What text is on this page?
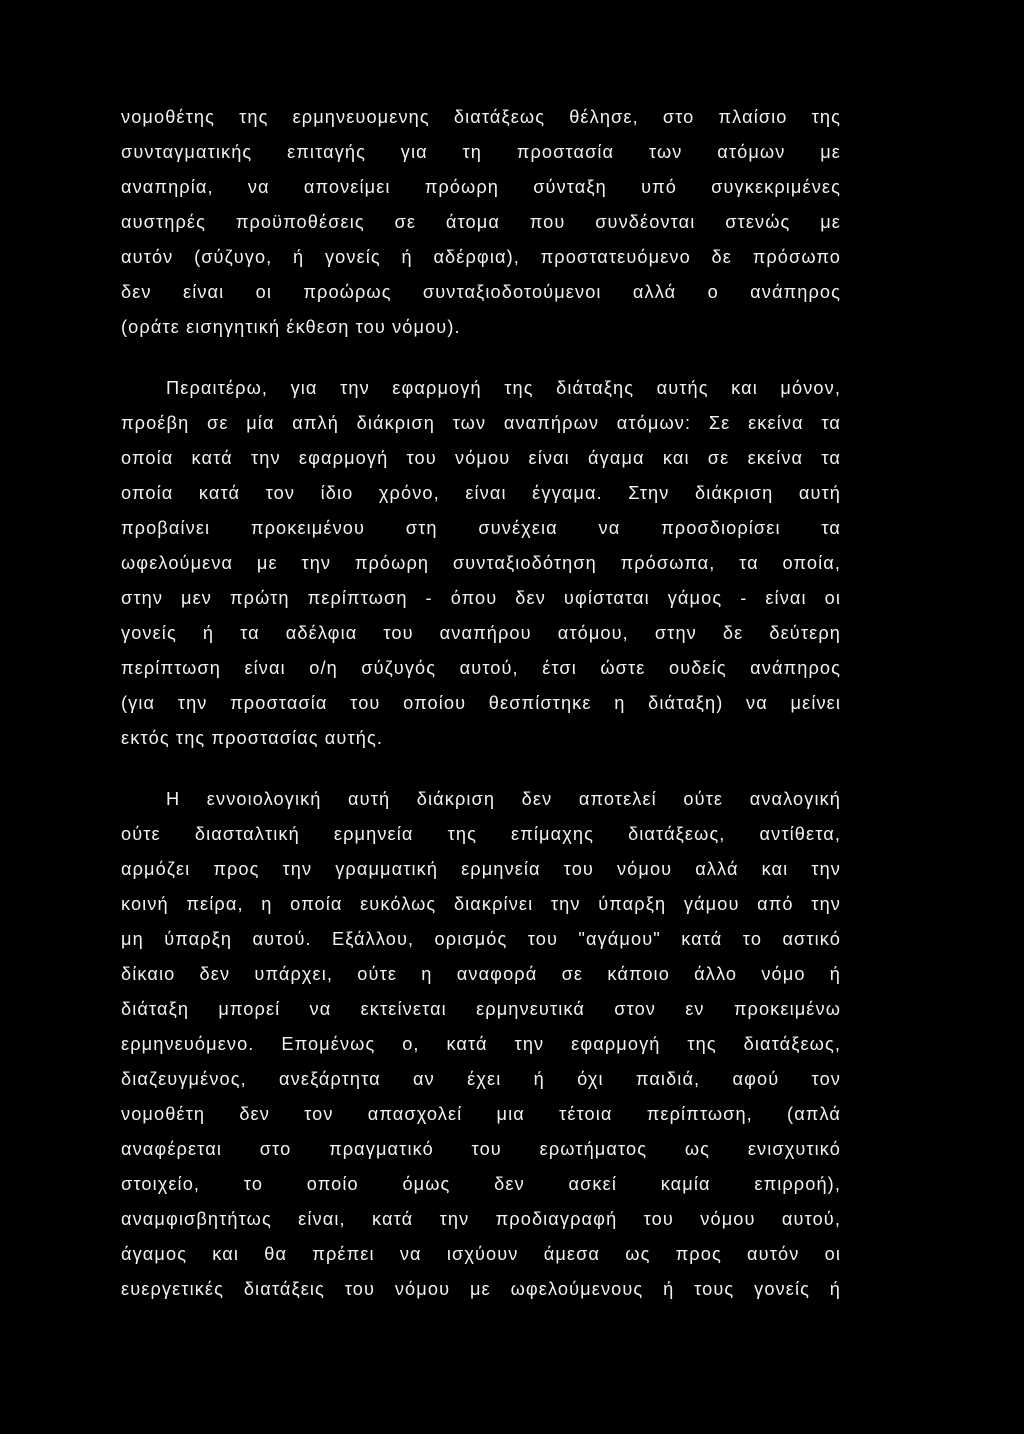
νομοθέτης της ερμηνευομενης διατάξεως θέλησε, στο πλαίσιο της
συνταγματικής επιταγής για τη προστασία των ατόμων με
αναπηρία, να απονείμει πρόωρη σύνταξη υπό συγκεκριμένες
αυστηρές προϋποθέσεις σε άτομα που συνδέονται στενώς με
αυτόν (σύζυγο, ή γονείς ή αδέρφια), προστατευόμενο δε πρόσωπο
δεν είναι οι προώρως συνταξιοδοτούμενοι αλλά ο ανάπηρος
(οράτε εισηγητική έκθεση του νόμου).
Περαιτέρω, για την εφαρμογή της διάταξης αυτής και μόνον,
προέβη σε μία απλή διάκριση των αναπήρων ατόμων: Σε εκείνα τα
οποία κατά την εφαρμογή του νόμου είναι άγαμα και σε εκείνα τα
οποία κατά τον ίδιο χρόνο, είναι έγγαμα. Στην διάκριση αυτή
προβαίνει προκειμένου στη συνέχεια να προσδιορίσει τα
ωφελούμενα με την πρόωρη συνταξιοδότηση πρόσωπα, τα οποία,
στην μεν πρώτη περίπτωση - όπου δεν υφίσταται γάμος - είναι οι
γονείς ή τα αδέλφια του αναπήρου ατόμου, στην δε δεύτερη
περίπτωση είναι ο/η σύζυγός αυτού, έτσι ώστε ουδείς ανάπηρος
(για την προστασία του οποίου θεσπίστηκε η διάταξη) να μείνει
εκτός της προστασίας αυτής.
Η εννοιολογική αυτή διάκριση δεν αποτελεί ούτε αναλογική
ούτε διασταλτική ερμηνεία της επίμαχης διατάξεως, αντίθετα,
αρμόζει προς την γραμματική ερμηνεία του νόμου αλλά και την
κοινή πείρα, η οποία ευκόλως διακρίνει την ύπαρξη γάμου από την
μη ύπαρξη αυτού. Εξάλλου, ορισμός του "αγάμου" κατά το αστικό
δίκαιο δεν υπάρχει, ούτε η αναφορά σε κάποιο άλλο νόμο ή
διάταξη μπορεί να εκτείνεται ερμηνευτικά στον εν προκειμένω
ερμηνευόμενο. Επομένως ο, κατά την εφαρμογή της διατάξεως,
διαζευγμένος, ανεξάρτητα αν έχει ή όχι παιδιά, αφού τον
νομοθέτη δεν τον απασχολεί μια τέτοια περίπτωση, (απλά
αναφέρεται στο πραγματικό του ερωτήματος ως ενισχυτικό
στοιχείο, το οποίο όμως δεν ασκεί καμία επιρροή),
αναμφισβητήτως είναι, κατά την προδιαγραφή του νόμου αυτού,
άγαμος και θα πρέπει να ισχύουν άμεσα ως προς αυτόν οι
ευεργετικές διατάξεις του νόμου με ωφελούμενους ή τους γονείς ή
